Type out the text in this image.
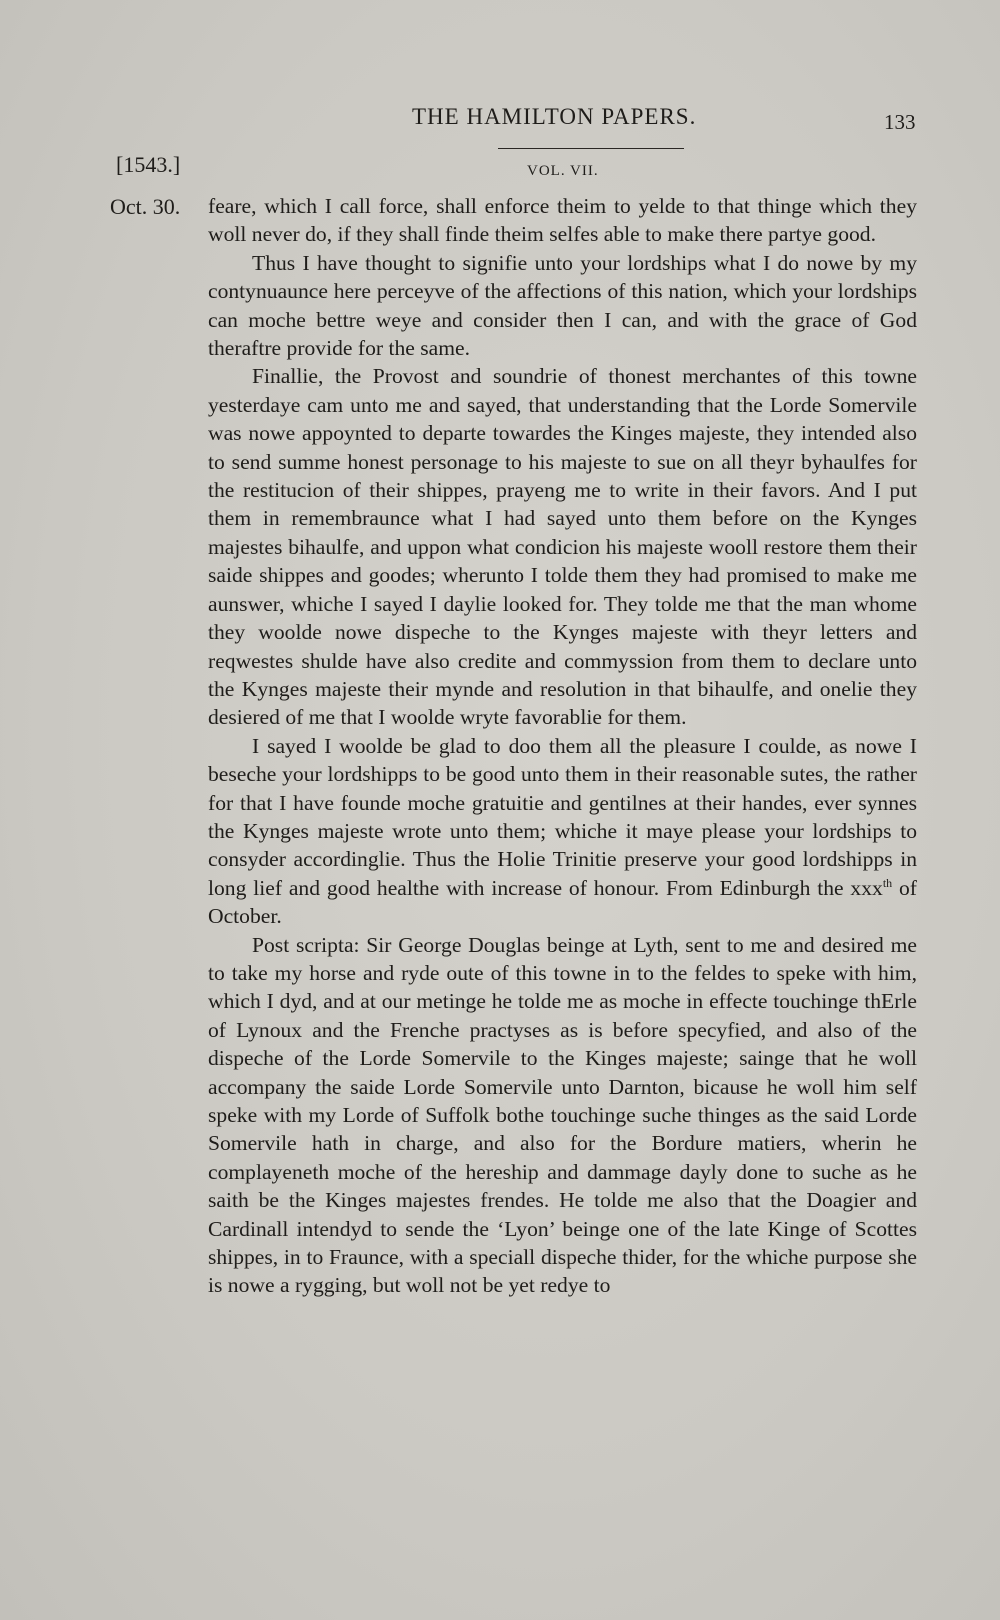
THE HAMILTON PAPERS.	133
[1543.]	VOL. VII.
Oct. 30. feare, which I call force, shall enforce theim to yelde to that thinge which they woll never do, if they shall finde theim selfes able to make there partye good.

Thus I have thought to signifie unto your lordships what I do nowe by my contynuaunce here perceyve of the affections of this nation, which your lordships can moche bettre weye and consider then I can, and with the grace of God theraftre provide for the same.

Finallie, the Provost and soundrie of thonest merchantes of this towne yesterdaye cam unto me and sayed, that understanding that the Lorde Somervile was nowe appoynted to departe towardes the Kinges majeste, they intended also to send summe honest personage to his majeste to sue on all theyr byhaulfes for the restitucion of their shippes, prayeng me to write in their favors. And I put them in remembraunce what I had sayed unto them before on the Kynges majestes bihaulfe, and uppon what condicion his majeste wooll restore them their saide shippes and goodes; wherunto I tolde them they had promised to make me aunswer, whiche I sayed I daylie looked for. They tolde me that the man whome they woolde nowe dispeche to the Kynges majeste with theyr letters and reqwestes shulde have also credite and commyssion from them to declare unto the Kynges majeste their mynde and resolution in that bihaulfe, and onelie they desiered of me that I woolde wryte favorablie for them.

I sayed I woolde be glad to doo them all the pleasure I coulde, as nowe I beseche your lordshipps to be good unto them in their reasonable sutes, the rather for that I have founde moche gratuitie and gentilnes at their handes, ever synnes the Kynges majeste wrote unto them; whiche it maye please your lordships to consyder accordinglie. Thus the Holie Trinitie preserve your good lordshipps in long lief and good healthe with increase of honour. From Edinburgh the xxx$^{th}$ of October.

Post scripta: Sir George Douglas beinge at Lyth, sent to me and desired me to take my horse and ryde oute of this towne in to the feldes to speke with him, which I dyd, and at our metinge he tolde me as moche in effecte touchinge thErle of Lynoux and the Frenche practyses as is before specyfied, and also of the dispeche of the Lorde Somervile to the Kinges majeste; sainge that he woll accompany the saide Lorde Somervile unto Darnton, bicause he woll him self speke with my Lorde of Suffolk bothe touchinge suche thinges as the said Lorde Somervile hath in charge, and also for the Bordure matiers, wherin he complayeneth moche of the hereship and dammage dayly done to suche as he saith be the Kinges majestes frendes. He tolde me also that the Doagier and Cardinall intendyd to sende the ‘Lyon’ beinge one of the late Kinge of Scottes shippes, in to Fraunce, with a speciall dispeche thider, for the whiche purpose she is nowe a rygging, but woll not be yet redye to
